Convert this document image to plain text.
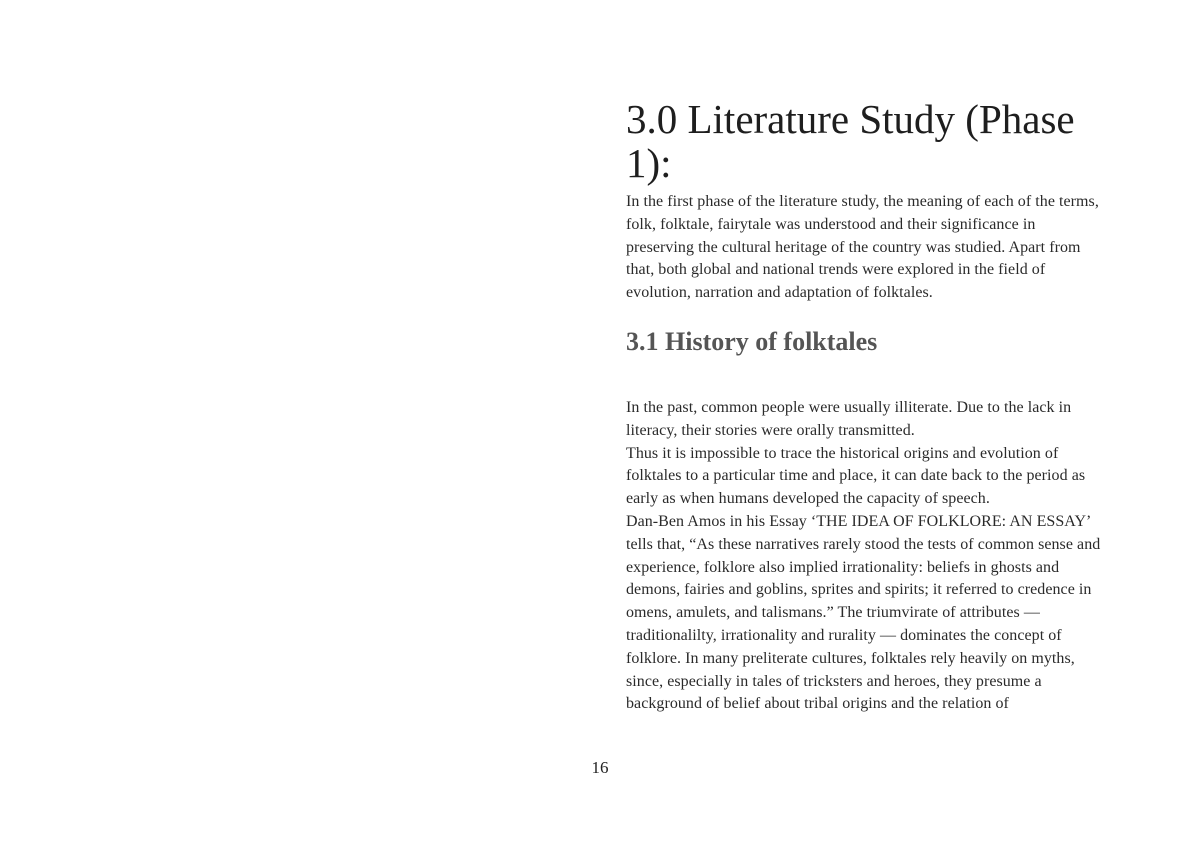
3.0 Literature Study (Phase 1):

In the first phase of the literature study, the meaning of each of the terms, folk, folktale, fairytale was understood and their significance in preserving the cultural heritage of the country was studied. Apart from that, both global and national trends were explored in the field of evolution, narration and adaptation of folktales.

3.1 History of folktales

In the past, common people were usually illiterate. Due to the lack in literacy, their stories were orally transmitted.

Thus it is impossible to trace the historical origins and evolution of folktales to a particular time and place, it can date back to the period as early as when humans developed the capacity of speech.

Dan-Ben Amos in his Essay ‘THE IDEA OF FOLKLORE: AN ESSAY’ tells that, “As these narratives rarely stood the tests of common sense and experience, folklore also implied irrationality: beliefs in ghosts and demons, fairies and goblins, sprites and spirits; it referred to credence in omens, amulets, and talismans.” The triumvirate of attributes — traditionalilty, irrationality and rurality — dominates the concept of folklore. In many preliterate cultures, folktales rely heavily on myths, since, especially in tales of tricksters and heroes, they presume a background of belief about tribal origins and the relation of

16
